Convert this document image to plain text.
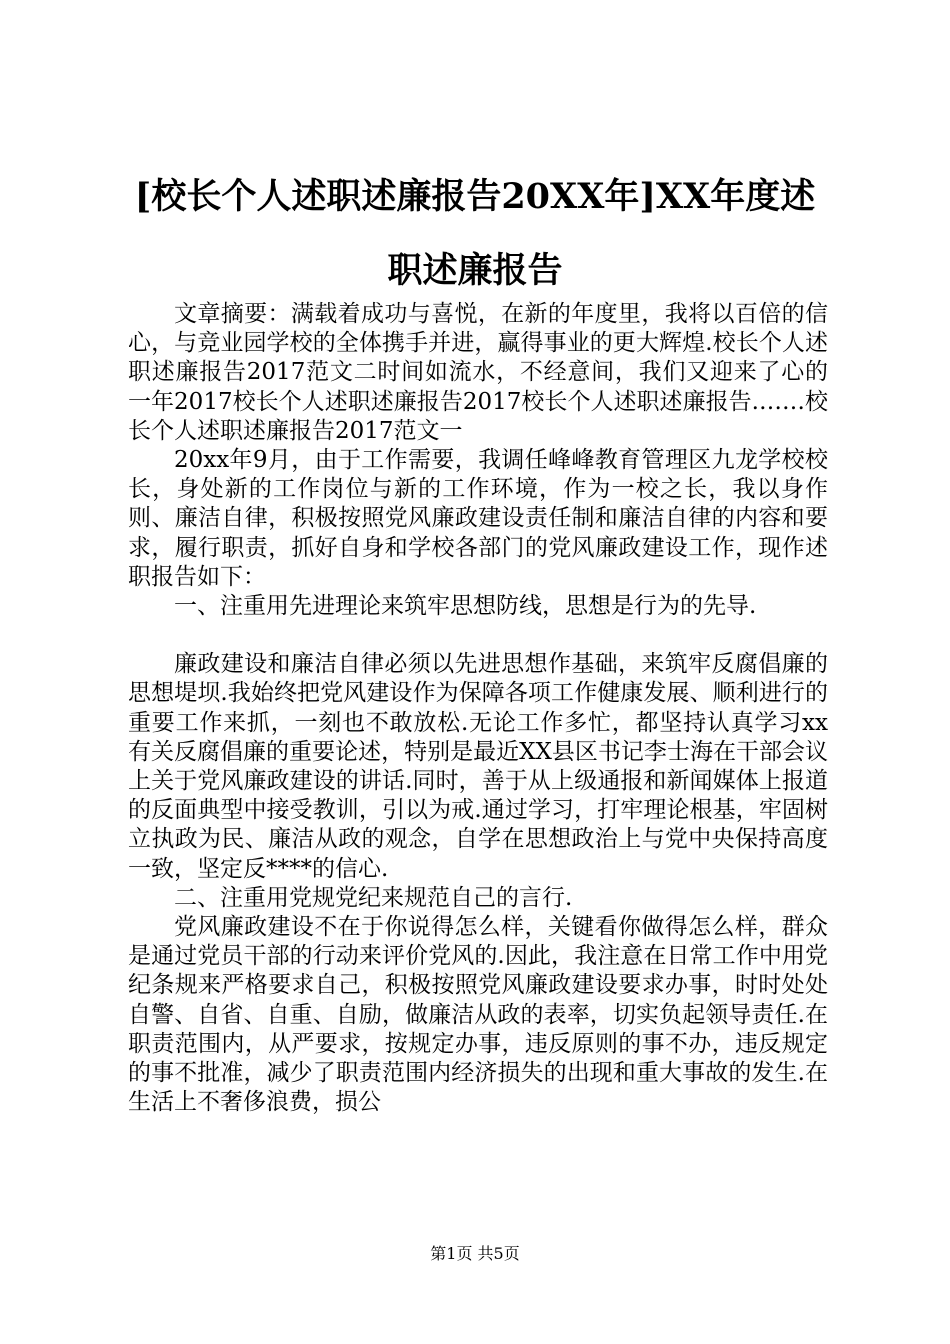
[校长个人述职述廉报告20XX年]XX年度述职述廉报告

文章摘要：满载着成功与喜悦，在新的年度里，我将以百倍的信心，与竞业园学校的全体携手并进，赢得事业的更大辉煌.校长个人述职述廉报告2017范文二时间如流水，不经意间，我们又迎来了心的一年2017校长个人述职述廉报告2017校长个人述职述廉报告.……校长个人述职述廉报告2017范文一

20xx年9月，由于工作需要，我调任峰峰教育管理区九龙学校校长，身处新的工作岗位与新的工作环境，作为一校之长，我以身作则、廉洁自律，积极按照党风廉政建设责任制和廉洁自律的内容和要求，履行职责，抓好自身和学校各部门的党风廉政建设工作，现作述职报告如下：

一、注重用先进理论来筑牢思想防线，思想是行为的先导.

廉政建设和廉洁自律必须以先进思想作基础，来筑牢反腐倡廉的思想堤坝.我始终把党风建设作为保障各项工作健康发展、顺利进行的重要工作来抓，一刻也不敢放松.无论工作多忙，都坚持认真学习xx有关反腐倡廉的重要论述，特别是最近XX县区书记李士海在干部会议上关于党风廉政建设的讲话.同时，善于从上级通报和新闻媒体上报道的反面典型中接受教训，引以为戒.通过学习，打牢理论根基，牢固树立执政为民、廉洁从政的观念，自学在思想政治上与党中央保持高度一致，坚定反****的信心.

二、注重用党规党纪来规范自己的言行.

党风廉政建设不在于你说得怎么样，关键看你做得怎么样，群众是通过党员干部的行动来评价党风的.因此，我注意在日常工作中用党纪条规来严格要求自己，积极按照党风廉政建设要求办事，时时处处自警、自省、自重、自励，做廉洁从政的表率，切实负起领导责任.在职责范围内，从严要求，按规定办事，违反原则的事不办，违反规定的事不批准，减少了职责范围内经济损失的出现和重大事故的发生.在生活上不奢侈浪费，损公

第1页 共5页
